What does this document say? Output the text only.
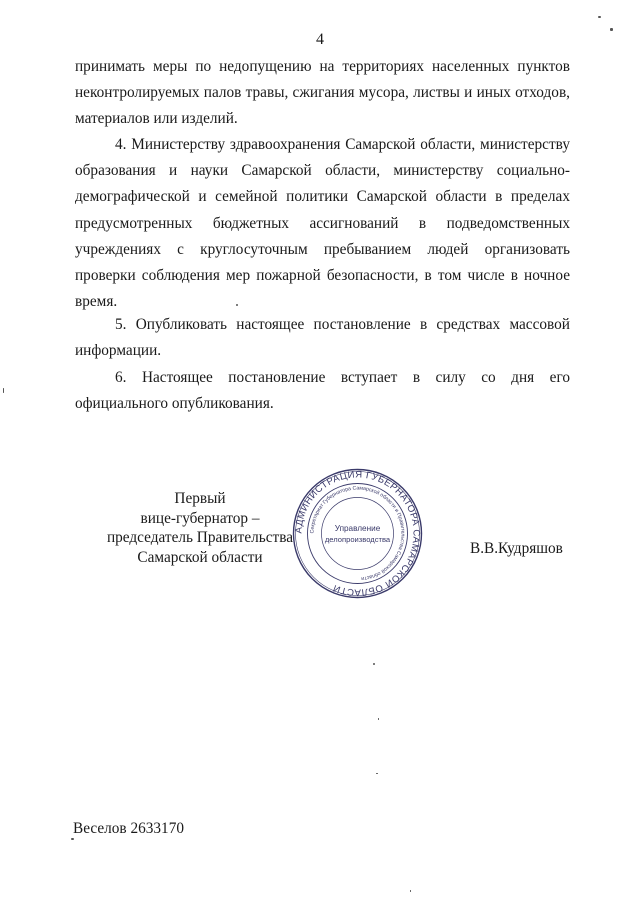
4

принимать меры по недопущению на территориях населенных пунктов неконтролируемых палов травы, сжигания мусора, листвы и иных отходов, материалов или изделий.

4. Министерству здравоохранения Самарской области, министерству образования и науки Самарской области, министерству социально-демографической и семейной политики Самарской области в пределах предусмотренных бюджетных ассигнований в подведомственных учреждениях с круглосуточным пребыванием людей организовать проверки соблюдения мер пожарной безопасности, в том числе в ночное время.

5. Опубликовать настоящее постановление в средствах массовой информации.

6. Настоящее постановление вступает в силу со дня его официального опубликования.

Первый
вице-губернатор –
председатель Правительства
Самарской области
АДМИНИСТРАЦИЯ ГУБЕРНАТОРА САМАРСКОЙ ОБЛАСТИ
Секретариат Губернатора Самарской области и Правительства Самарской области
Управление
делопроизводства
В.В.Кудряшов
Веселов 2633170
